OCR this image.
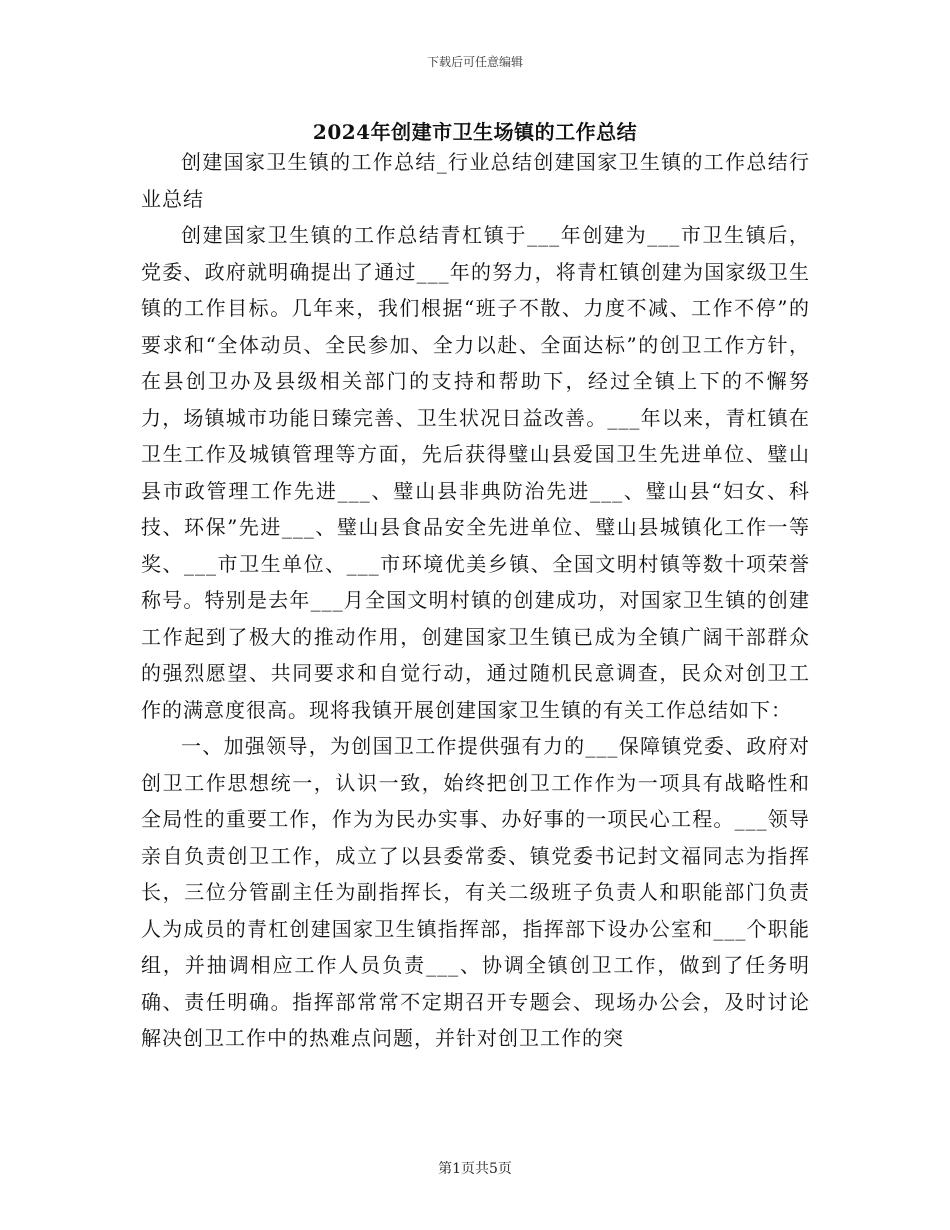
下载后可任意编辑
2024年创建市卫生场镇的工作总结

创建国家卫生镇的工作总结_行业总结创建国家卫生镇的工作总结行业总结

创建国家卫生镇的工作总结青杠镇于___年创建为___市卫生镇后，党委、政府就明确提出了通过___年的努力，将青杠镇创建为国家级卫生镇的工作目标。几年来，我们根据“班子不散、力度不减、工作不停”的要求和“全体动员、全民参加、全力以赴、全面达标”的创卫工作方针，在县创卫办及县级相关部门的支持和帮助下，经过全镇上下的不懈努力，场镇城市功能日臻完善、卫生状况日益改善。___年以来，青杠镇在卫生工作及城镇管理等方面，先后获得璧山县爱国卫生先进单位、璧山县市政管理工作先进___、璧山县非典防治先进___、璧山县“妇女、科技、环保”先进___、璧山县食品安全先进单位、璧山县城镇化工作一等奖、___市卫生单位、___市环境优美乡镇、全国文明村镇等数十项荣誉称号。特别是去年___月全国文明村镇的创建成功，对国家卫生镇的创建工作起到了极大的推动作用，创建国家卫生镇已成为全镇广阔干部群众的强烈愿望、共同要求和自觉行动，通过随机民意调查，民众对创卫工作的满意度很高。现将我镇开展创建国家卫生镇的有关工作总结如下：

一、加强领导，为创国卫工作提供强有力的___保障镇党委、政府对创卫工作思想统一，认识一致，始终把创卫工作作为一项具有战略性和全局性的重要工作，作为为民办实事、办好事的一项民心工程。___领导亲自负责创卫工作，成立了以县委常委、镇党委书记封文福同志为指挥长，三位分管副主任为副指挥长，有关二级班子负责人和职能部门负责人为成员的青杠创建国家卫生镇指挥部，指挥部下设办公室和___个职能组，并抽调相应工作人员负责___、协调全镇创卫工作，做到了任务明确、责任明确。指挥部常常不定期召开专题会、现场办公会，及时讨论解决创卫工作中的热难点问题，并针对创卫工作的突

第1页共5页
